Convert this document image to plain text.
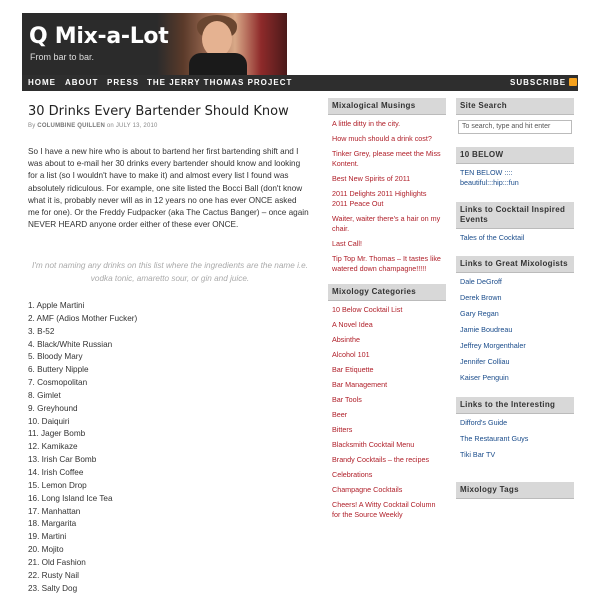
Q Mix-a-Lot
From bar to bar.
HOME ABOUT PRESS THE JERRY THOMAS PROJECT	SUBSCRIBE
30 Drinks Every Bartender Should Know
By COLUMBINE QUILLEN on JULY 13, 2010

So I have a new hire who is about to bartend her first bartending shift and I was about to e-mail her 30 drinks every bartender should know and looking for a list (so I wouldn't have to make it) and almost every list I found was absolutely ridiculous. For example, one site listed the Bocci Ball (don't know what it is, probably never will as in 12 years no one has ever ONCE asked me for one). Or the Freddy Fudpacker (aka The Cactus Banger) – once again NEVER HEARD anyone order either of these ever ONCE.

I'm not naming any drinks on this list where the ingredients are the name i.e. vodka tonic, amaretto sour, or gin and juice.

1. Apple Martini
2. AMF (Adios Mother Fucker)
3. B-52
4. Black/White Russian
5. Bloody Mary
6. Buttery Nipple
7. Cosmopolitan
8. Gimlet
9. Greyhound
10. Daiquiri
11. Jager Bomb
12. Kamikaze
13. Irish Car Bomb
14. Irish Coffee
15. Lemon Drop
16. Long Island Ice Tea
17. Manhattan
18. Margarita
19. Martini
20. Mojito
21. Old Fashion
22. Rusty Nail
23. Salty Dog
Mixalogical Musings
A little ditty in the city.
How much should a drink cost?
Tinker Grey, please meet the Miss Kontent.
Best New Spirits of 2011
2011 Delights 2011 Highlights 2011 Peace Out
Waiter, waiter there's a hair on my chair.
Last Call!
Tip Top Mr. Thomas – It tastes like watered down champagne!!!!!
Mixology Categories
10 Below Cocktail List
A Novel Idea
Absinthe
Alcohol 101
Bar Etiquette
Bar Management
Bar Tools
Beer
Bitters
Blacksmith Cocktail Menu
Brandy Cocktails – the recipes
Celebrations
Champagne Cocktails
Cheers! A Witty Cocktail Column for the Source Weekly
Site Search
To search, type and hit enter
10 BELOW
TEN BELOW :::: beautiful:::hip:::fun
Links to Cocktail Inspired Events
Tales of the Cocktail
Links to Great Mixologists
Dale DeGroff
Derek Brown
Gary Regan
Jamie Boudreau
Jeffrey Morgenthaler
Jennifer Colliau
Kaiser Penguin
Links to the Interesting
Difford's Guide
The Restaurant Guys
Tiki Bar TV
Mixology Tags
